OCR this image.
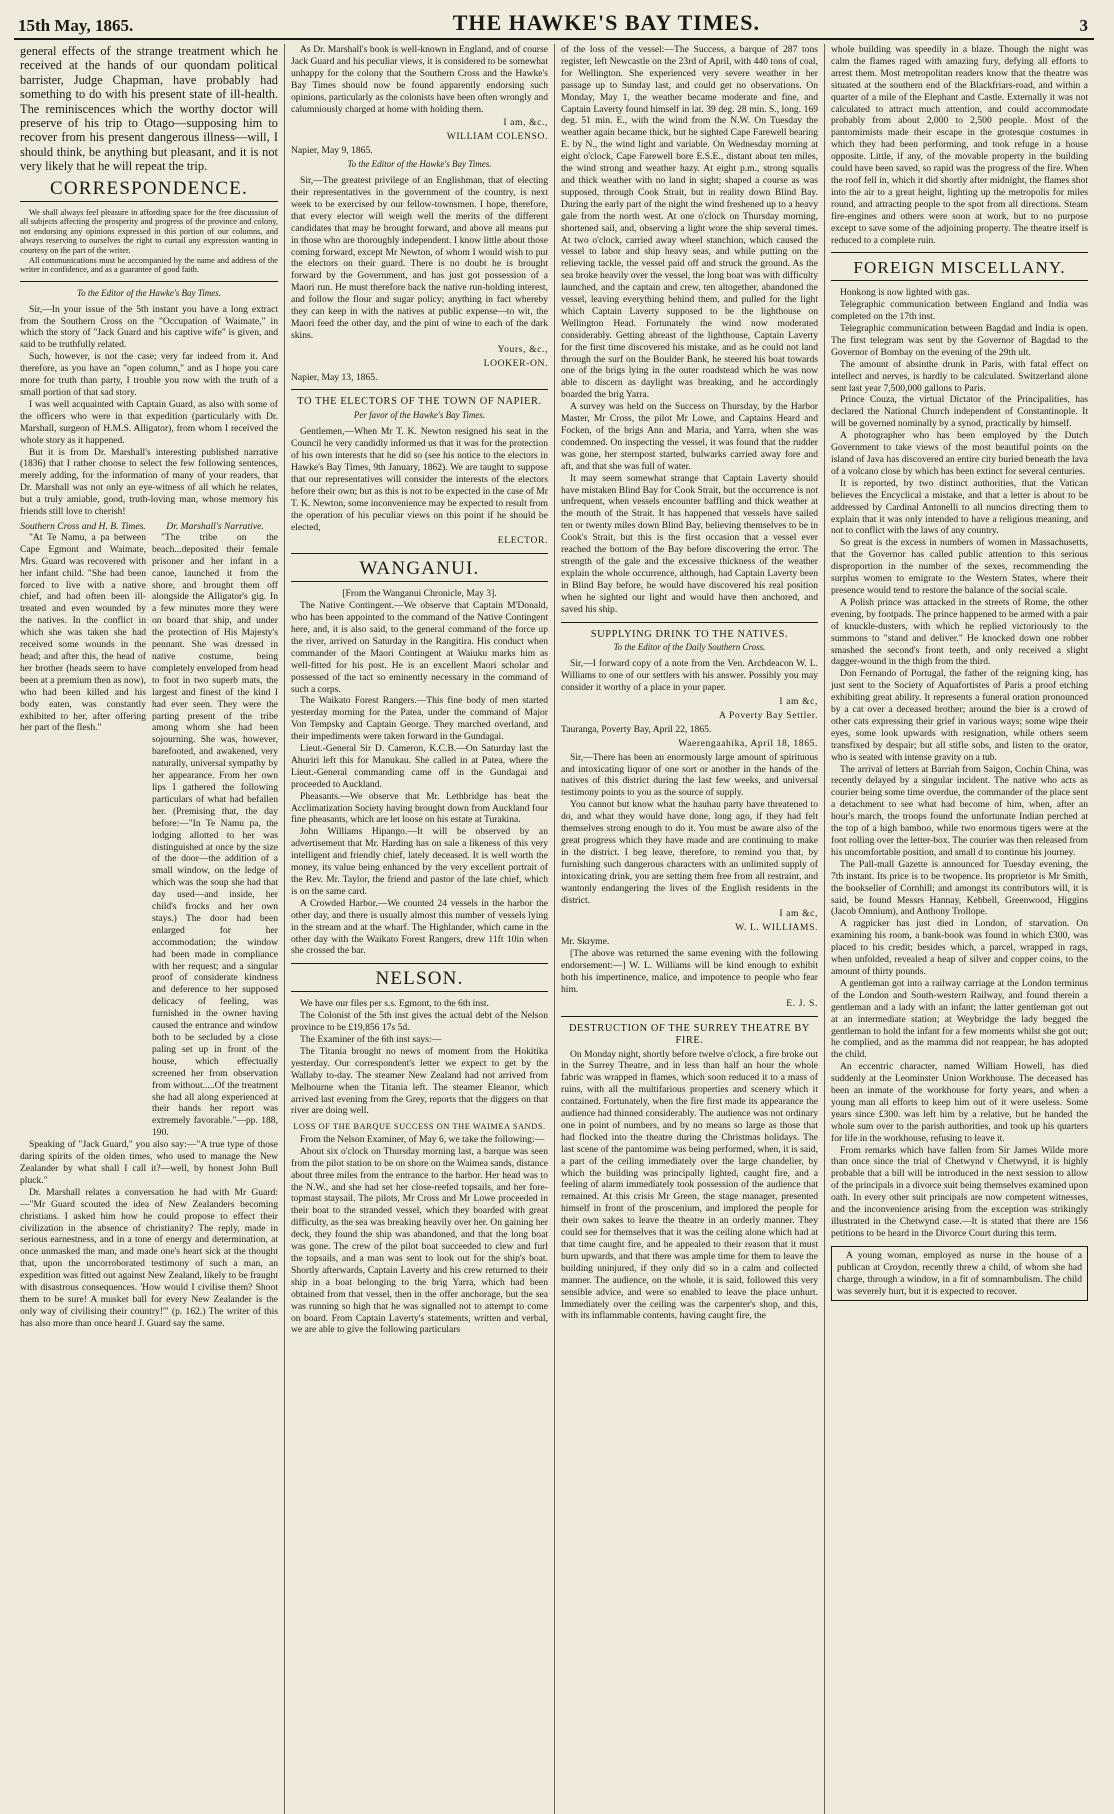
15th May, 1865.	THE HAWKE'S BAY TIMES.	3

general effects of the strange treatment which he received at the hands of our quondam political barrister, Judge Chapman, have probably had something to do with his present state of ill-health. The reminiscences which the worthy doctor will preserve of his trip to Otago—supposing him to recover from his present dangerous illness—will, I should think, be anything but pleasant, and it is not very likely that he will repeat the trip.

CORRESPONDENCE.

We shall always feel pleasure in affording space for the free discussion of all subjects affecting the prosperity and progress of the province and colony, not endorsing any opinions expressed in this portion of our columns, and always reserving to ourselves the right to curtail any expression wanting in courtesy on the part of the writer.

All communications must be accompanied by the name and address of the writer in confidence, and as a guarantee of good faith.

To the Editor of the Hawke's Bay Times.

Sir,—In your issue of the 5th instant you have a long extract from the Southern Cross on the "Occupation of Waimate," in which the story of "Jack Guard and his captive wife" is given, and said to be truthfully related.

Such, however, is not the case; very far indeed from it. And therefore, as you have an "open column," and as I hope you care more for truth than party, I trouble you now with the truth of a small portion of that sad story.

I was well acquainted with Captain Guard, as also with some of the officers who were in that expedition (particularly with Dr. Marshall, surgeon of H.M.S. Alligator), from whom I received the whole story as it happened.

But it is from Dr. Marshall's interesting published narrative (1836) that I rather choose to select the few following sentences, merely adding, for the information of many of your readers, that Dr. Marshall was not only an eye-witness of all which he relates, but a truly amiable, good, truth-loving man, whose memory his friends still love to cherish!

Southern Cross and H. B. Times.

"At Te Namu, a pa between Cape Egmont and Waimate, Mrs. Guard was recovered with her infant child. "She had been forced to live with a native chief, and had often been ill-treated and even wounded by the natives. In the conflict in which she was taken she had received some wounds in the head; and after this, the head of her brother (heads seem to have been at a premium then as now), who had been killed and his body eaten, was constantly exhibited to her, after offering her part of the flesh."

Dr. Marshall's Narrative.

"The tribe on the beach...deposited their female prisoner and her infant in a canoe, launched it from the shore, and brought them off alongside the Alligator's gig. In a few minutes more they were on board that ship, and under the protection of His Majesty's pennant. She was dressed in native costume, being completely enveloped from head to foot in two superb mats, the largest and finest of the kind I had ever seen. They were the parting present of the tribe among whom she had been sojourning. She was, however, barefooted, and awakened, very naturally, universal sympathy by her appearance. From her own lips I gathered the following particulars of what had befallen her. (Premising that, the day before:—"In Te Namu pa, the lodging allotted to her was distinguished at once by the size of the door—the addition of a small window, on the ledge of which was the soup she had that day used—and inside, her child's frocks and her own stays.) The door had been enlarged for her accommodation; the window had been made in compliance with her request; and a singular proof of considerate kindness and deference to her supposed delicacy of feeling, was furnished in the owner having caused the entrance and window both to be secluded by a close paling set up in front of the house, which effectually screened her from observation from without.....Of the treatment she had all along experienced at their hands her report was extremely favorable."—pp. 188, 190.

Speaking of "Jack Guard," you also say:—"A true type of those daring spirits of the olden times, who used to manage the New Zealander by what shall I call it?—well, by honest John Bull pluck."

Dr. Marshall relates a conversation he had with Mr Guard:—"Mr Guard scouted the idea of New Zealanders becoming christians. I asked him how he could propose to effect their civilization in the absence of christianity? The reply, made in serious earnestness, and in a tone of energy and determination, at once unmasked the man, and made one's heart sick at the thought that, upon the uncorroborated testimony of such a man, an expedition was fitted out against New Zealand, likely to be fraught with disastrous consequences. 'How would I civilise them? Shoot them to be sure! A musket ball for every New Zealander is the only way of civilising their country!'" (p. 162.) The writer of this has also more than once heard J. Guard say the same.

As Dr. Marshall's book is well-known in England, and of course Jack Guard and his peculiar views, it is considered to be somewhat unhappy for the colony that the Southern Cross and the Hawke's Bay Times should now be found apparently endorsing such opinions, particularly as the colonists have been often wrongly and calumniously charged at home with holding them.

I am, &c.,
WILLIAM COLENSO.

Napier, May 9, 1865.

To the Editor of the Hawke's Bay Times.

Sir,—The greatest privilege of an Englishman, that of electing their representatives in the government of the country, is next week to be exercised by our fellow-townsmen. I hope, therefore, that every elector will weigh well the merits of the different candidates that may be brought forward, and above all means put in those who are thoroughly independent. I know little about those coming forward, except Mr Newton, of whom I would wish to put the electors on their guard. There is no doubt he is brought forward by the Government, and has just got possession of a Maori run. He must therefore back the native run-holding interest, and follow the flour and sugar policy; anything in fact whereby they can keep in with the natives at public expense—to wit, the Maori feed the other day, and the pint of wine to each of the dark skins.

Yours, &c.,
LOOKER-ON.

Napier, May 13, 1865.

TO THE ELECTORS OF THE TOWN OF NAPIER.
Per favor of the Hawke's Bay Times.

Gentlemen,—When Mr T. K. Newton resigned his seat in the Council he very candidly informed us that it was for the protection of his own interests that he did so (see his notice to the electors in Hawke's Bay Times, 9th January, 1862). We are taught to suppose that our representatives will consider the interests of the electors before their own; but as this is not to be expected in the case of Mr T. K. Newton, some inconvenience may be expected to result from the operation of his peculiar views on this point if he should be elected,

ELECTOR.
WANGANUI.

[From the Wanganui Chronicle, May 3].

The Native Contingent.—We observe that Captain M'Donald, who has been appointed to the command of the Native Contingent here, and, it is also said, to the general command of the force up the river, arrived on Saturday in the Rangitira. His conduct when commander of the Maori Contingent at Waiuku marks him as well-fitted for his post. He is an excellent Maori scholar and possessed of the tact so eminently necessary in the command of such a corps.

The Waikato Forest Rangers.—This fine body of men started yesterday morning for the Patea, under the command of Major Von Tempsky and Captain George. They marched overland, and their impediments were taken forward in the Gundagai.

Lieut.-General Sir D. Cameron, K.C.B.—On Saturday last the Ahuriri left this for Manukau. She called in at Patea, where the Lieut.-General commanding came off in the Gundagai and proceeded to Auckland.

Pheasants.—We observe that Mr. Lethbridge has beat the Acclimatization Society having brought down from Auckland four fine pheasants, which are let loose on his estate at Turakina.

John Williams Hipango.—It will be observed by an advertisement that Mr. Harding has on sale a likeness of this very intelligent and friendly chief, lately deceased. It is well worth the money, its value being enhanced by the very excellent portrait of the Rev. Mr. Taylor, the friend and pastor of the late chief, which is on the same card.

A Crowded Harbor.—We counted 24 vessels in the harbor the other day, and there is usually almost this number of vessels lying in the stream and at the wharf. The Highlander, which came in the other day with the Waikato Forest Rangers, drew 11ft 10in when she crossed the bar.

NELSON.

We have our files per s.s. Egmont, to the 6th inst.

The Colonist of the 5th inst gives the actual debt of the Nelson province to be £19,856 17s 5d.

The Examiner of the 6th inst says:—

The Titania brought no news of moment from the Hokitika yesterday. Our correspondent's letter we expect to get by the Wallaby to-day. The steamer New Zealand had not arrived from Melbourne when the Titania left. The steamer Eleanor, which arrived last evening from the Grey, reports that the diggers on that river are doing well.

LOSS OF THE BARQUE SUCCESS ON THE WAIMEA SANDS.

From the Nelson Examiner, of May 6, we take the following:—

About six o'clock on Thursday morning last, a barque was seen from the pilot station to be on shore on the Waimea sands, distance about three miles from the entrance to the harbor. Her head was to the N.W., and she had set her close-reefed topsails, and her fore-topmast staysail. The pilots, Mr Cross and Mr Lowe proceeded in their boat to the stranded vessel, which they boarded with great difficulty, as the sea was breaking heavily over her. On gaining her deck, they found the ship was abandoned, and that the long boat was gone. The crew of the pilot boat succeeded to clew and furl the topsails, and a man was sent to look out for the ship's boat. Shortly afterwards, Captain Laverty and his crew returned to their ship in a boat belonging to the brig Yarra, which had been obtained from that vessel, then in the offer anchorage, but the sea was running so high that he was signalled not to attempt to come on board. From Captain Laverty's statements, written and verbal, we are able to give the following particulars

of the loss of the vessel:—The Success, a barque of 287 tons register, left Newcastle on the 23rd of April, with 440 tons of coal, for Wellington. She experienced very severe weather in her passage up to Sunday last, and could get no observations. On Monday, May 1, the weather became moderate and fine, and Captain Laverty found himself in lat. 39 deg. 28 min. S., long. 169 deg. 51 min. E., with the wind from the N.W. On Tuesday the weather again became thick, but he sighted Cape Farewell bearing E. by N., the wind light and variable. On Wednesday morning at eight o'clock, Cape Farewell bore E.S.E., distant about ten miles, the wind strong and weather hazy. At eight p.m., strong squalls and thick weather with no land in sight; shaped a course as was supposed, through Cook Strait, but in reality down Blind Bay. During the early part of the night the wind freshened up to a heavy gale from the north west. At one o'clock on Thursday morning, shortened sail, and, observing a light wore the ship several times. At two o'clock, carried away wheel stanchion, which caused the vessel to labor and ship heavy seas, and while putting on the relieving tackle, the vessel paid off and struck the ground. As the sea broke heavily over the vessel, the long boat was with difficulty launched, and the captain and crew, ten altogether, abandoned the vessel, leaving everything behind them, and pulled for the light which Captain Laverty supposed to be the lighthouse on Wellington Head. Fortunately the wind now moderated considerably. Getting abreast of the lighthouse, Captain Laverty for the first time discovered his mistake, and as he could not land through the surf on the Boulder Bank, he steered his boat towards one of the brigs lying in the outer roadstead which he was now able to discern as daylight was breaking, and he accordingly boarded the brig Yarra.

A survey was held on the Success on Thursday, by the Harbor Master, Mr Cross, the pilot Mr Lowe, and Captains Heard and Focken, of the brigs Ann and Maria, and Yarra, when she was condemned. On inspecting the vessel, it was found that the rudder was gone, her sternpost started, bulwarks carried away fore and aft, and that she was full of water.

It may seem somewhat strange that Captain Laverty should have mistaken Blind Bay for Cook Strait, but the occurrence is not unfrequent, when vessels encounter baffling and thick weather at the mouth of the Strait. It has happened that vessels have sailed ten or twenty miles down Blind Bay, believing themselves to be in Cook's Strait, but this is the first occasion that a vessel ever reached the bottom of the Bay before discovering the error. The strength of the gale and the excessive thickness of the weather explain the whole occurrence, although, had Captain Laverty been in Blind Bay before, he would have discovered his real position when he sighted our light and would have then anchored, and saved his ship.

SUPPLYING DRINK TO THE NATIVES.
To the Editor of the Daily Southern Cross.

Sir,—I forward copy of a note from the Ven. Archdeacon W. L. Williams to one of our settlers with his answer. Possibly you may consider it worthy of a place in your paper.

I am &c,
A Poverty Bay Settler.

Tauranga, Poverty Bay, April 22, 1865.

Waerengaahika, April 18, 1865.

Sir,—There has been an enormously large amount of spirituous and intoxicating liquor of one sort or another in the hands of the natives of this district during the last few weeks, and universal testimony points to you as the source of supply.

You cannot but know what the hauhau party have threatened to do, and what they would have done, long ago, if they had felt themselves strong enough to do it. You must be aware also of the great progress which they have made and are continuing to make in the district. I beg leave, therefore, to remind you that, by furnishing such dangerous characters with an unlimited supply of intoxicating drink, you are setting them free from all restraint, and wantonly endangering the lives of the English residents in the district.

I am &c,
W. L. WILLIAMS.

Mr. Skryme.

[The above was returned the same evening with the following endorsement:—] W. L. Williams will be kind enough to exhibit both his impertinence, malice, and impotence to people who fear him.

E. J. S.
DESTRUCTION OF THE SURREY THEATRE BY FIRE.

On Monday night, shortly before twelve o'clock, a fire broke out in the Surrey Theatre, and in less than half an hour the whole fabric was wrapped in flames, which soon reduced it to a mass of ruins, with all the multifarious properties and scenery which it contained. Fortunately, when the fire first made its appearance the audience had thinned considerably. The audience was not ordinary one in point of numbers, and by no means so large as those that had flocked into the theatre during the Christmas holidays. The last scene of the pantomime was being performed, when, it is said, a part of the ceiling immediately over the large chandelier, by which the building was principally lighted, caught fire, and a feeling of alarm immediately took possession of the audience that remained. At this crisis Mr Green, the stage manager, presented himself in front of the proscenium, and implored the people for their own sakes to leave the theatre in an orderly manner. They could see for themselves that it was the ceiling alone which had at that time caught fire, and he appealed to their reason that it must burn upwards, and that there was ample time for them to leave the building uninjured, if they only did so in a calm and collected manner. The audience, on the whole, it is said, followed this very sensible advice, and were so enabled to leave the place unhurt. Immediately over the ceiling was the carpenter's shop, and this, with its inflammable contents, having caught fire, the

whole building was speedily in a blaze. Though the night was calm the flames raged with amazing fury, defying all efforts to arrest them. Most metropolitan readers know that the theatre was situated at the southern end of the Blackfriars-road, and within a quarter of a mile of the Elephant and Castle. Externally it was not calculated to attract much attention, and could accommodate probably from about 2,000 to 2,500 people. Most of the pantomimists made their escape in the grotesque costumes in which they had been performing, and took refuge in a house opposite. Little, if any, of the movable property in the building could have been saved, so rapid was the progress of the fire. When the roof fell in, which it did shortly after midnight, the flames shot into the air to a great height, lighting up the metropolis for miles round, and attracting people to the spot from all directions. Steam fire-engines and others were soon at work, but to no purpose except to save some of the adjoining property. The theatre itself is reduced to a complete ruin.

FOREIGN MISCELLANY.

Honkong is now lighted with gas.

Telegraphic communication between England and India was completed on the 17th inst.

Telegraphic communication between Bagdad and India is open. The first telegram was sent by the Governor of Bagdad to the Governor of Bombay on the evening of the 29th ult.

The amount of absinthe drunk in Paris, with fatal effect on intellect and nerves, is hardly to be calculated. Switzerland alone sent last year 7,500,000 gallons to Paris.

Prince Couza, the virtual Dictator of the Principalities, has declared the National Church independent of Constantinople. It will be governed nominally by a synod, practically by himself.

A photographer who has been employed by the Dutch Government to take views of the most beautiful points on the island of Java has discovered an entire city buried beneath the lava of a volcano close by which has been extinct for several centuries.

It is reported, by two distinct authorities, that the Vatican believes the Encyclical a mistake, and that a letter is about to be addressed by Cardinal Antonelli to all nuncios directing them to explain that it was only intended to have a religious meaning, and not to conflict with the laws of any country.

So great is the excess in numbers of women in Massachusetts, that the Governor has called public attention to this serious disproportion in the number of the sexes, recommending the surplus women to emigrate to the Western States, where their presence would tend to restore the balance of the social scale.

A Polish prince was attacked in the streets of Rome, the other evening, by footpads. The prince happened to be armed with a pair of knuckle-dusters, with which he replied victoriously to the summons to "stand and deliver." He knocked down one robber smashed the second's front teeth, and only received a slight dagger-wound in the thigh from the third.

Don Fernando of Portugal, the father of the reigning king, has just sent to the Society of Aquafortistes of Paris a proof etching exhibiting great ability. It represents a funeral oration pronounced by a cat over a deceased brother; around the bier is a crowd of other cats expressing their grief in various ways; some wipe their eyes, some look upwards with resignation, while others seem transfixed by despair; but all stifle sobs, and listen to the orator, who is seated with intense gravity on a tub.

The arrival of letters at Barriah from Saigon, Cochin China, was recently delayed by a singular incident. The native who acts as courier being some time overdue, the commander of the place sent a detachment to see what had become of him, when, after an hour's march, the troops found the unfortunate Indian perched at the top of a high bamboo, while two enormous tigers were at the foot rolling over the letter-box. The courier was then released from his uncomfortable position, and small d to continue his journey.

The Pall-mall Gazette is announced for Tuesday evening, the 7th instant. Its price is to be twopence. Its proprietor is Mr Smith, the bookseller of Cornhill; and amongst its contributors will, it is said, be found Messrs Hannay, Kebbell, Greenwood, Higgins (Jacob Omnium), and Anthony Trollope.

A ragpicker has just died in London, of starvation. On examining his room, a bank-book was found in which £300, was placed to his credit; besides which, a parcel, wrapped in rags, when unfolded, revealed a heap of silver and copper coins, to the amount of thirty pounds.

A gentleman got into a railway carriage at the London terminus of the London and South-western Railway, and found therein a gentleman and a lady with an infant; the latter gentleman got out at an intermediate station; at Weybridge the lady begged the gentleman to hold the infant for a few moments whilst she got out; he complied, and as the mamma did not reappear, he has adopted the child.

An eccentric character, named William Howell, has died suddenly at the Leominster Union Workhouse. The deceased has been an inmate of the workhouse for forty years, and when a young man all efforts to keep him out of it were useless. Some years since £300. was left him by a relative, but he handed the whole sum over to the parish authorities, and took up his quarters for life in the workhouse, refusing to leave it.

From remarks which have fallen from Sir James Wilde more than once since the trial of Chetwynd v Chetwynd, it is highly probable that a bill will be introduced in the next session to allow of the principals in a divorce suit being themselves examined upon oath. In every other suit principals are now competent witnesses, and the inconvenience arising from the exception was strikingly illustrated in the Chetwynd case.—It is stated that there are 156 petitions to be heard in the Divorce Court during this term.

A young woman, employed as nurse in the house of a publican at Croydon, recently threw a child, of whom she had charge, through a window, in a fit of somnambulism. The child was severely hurt, but it is expected to recover.
